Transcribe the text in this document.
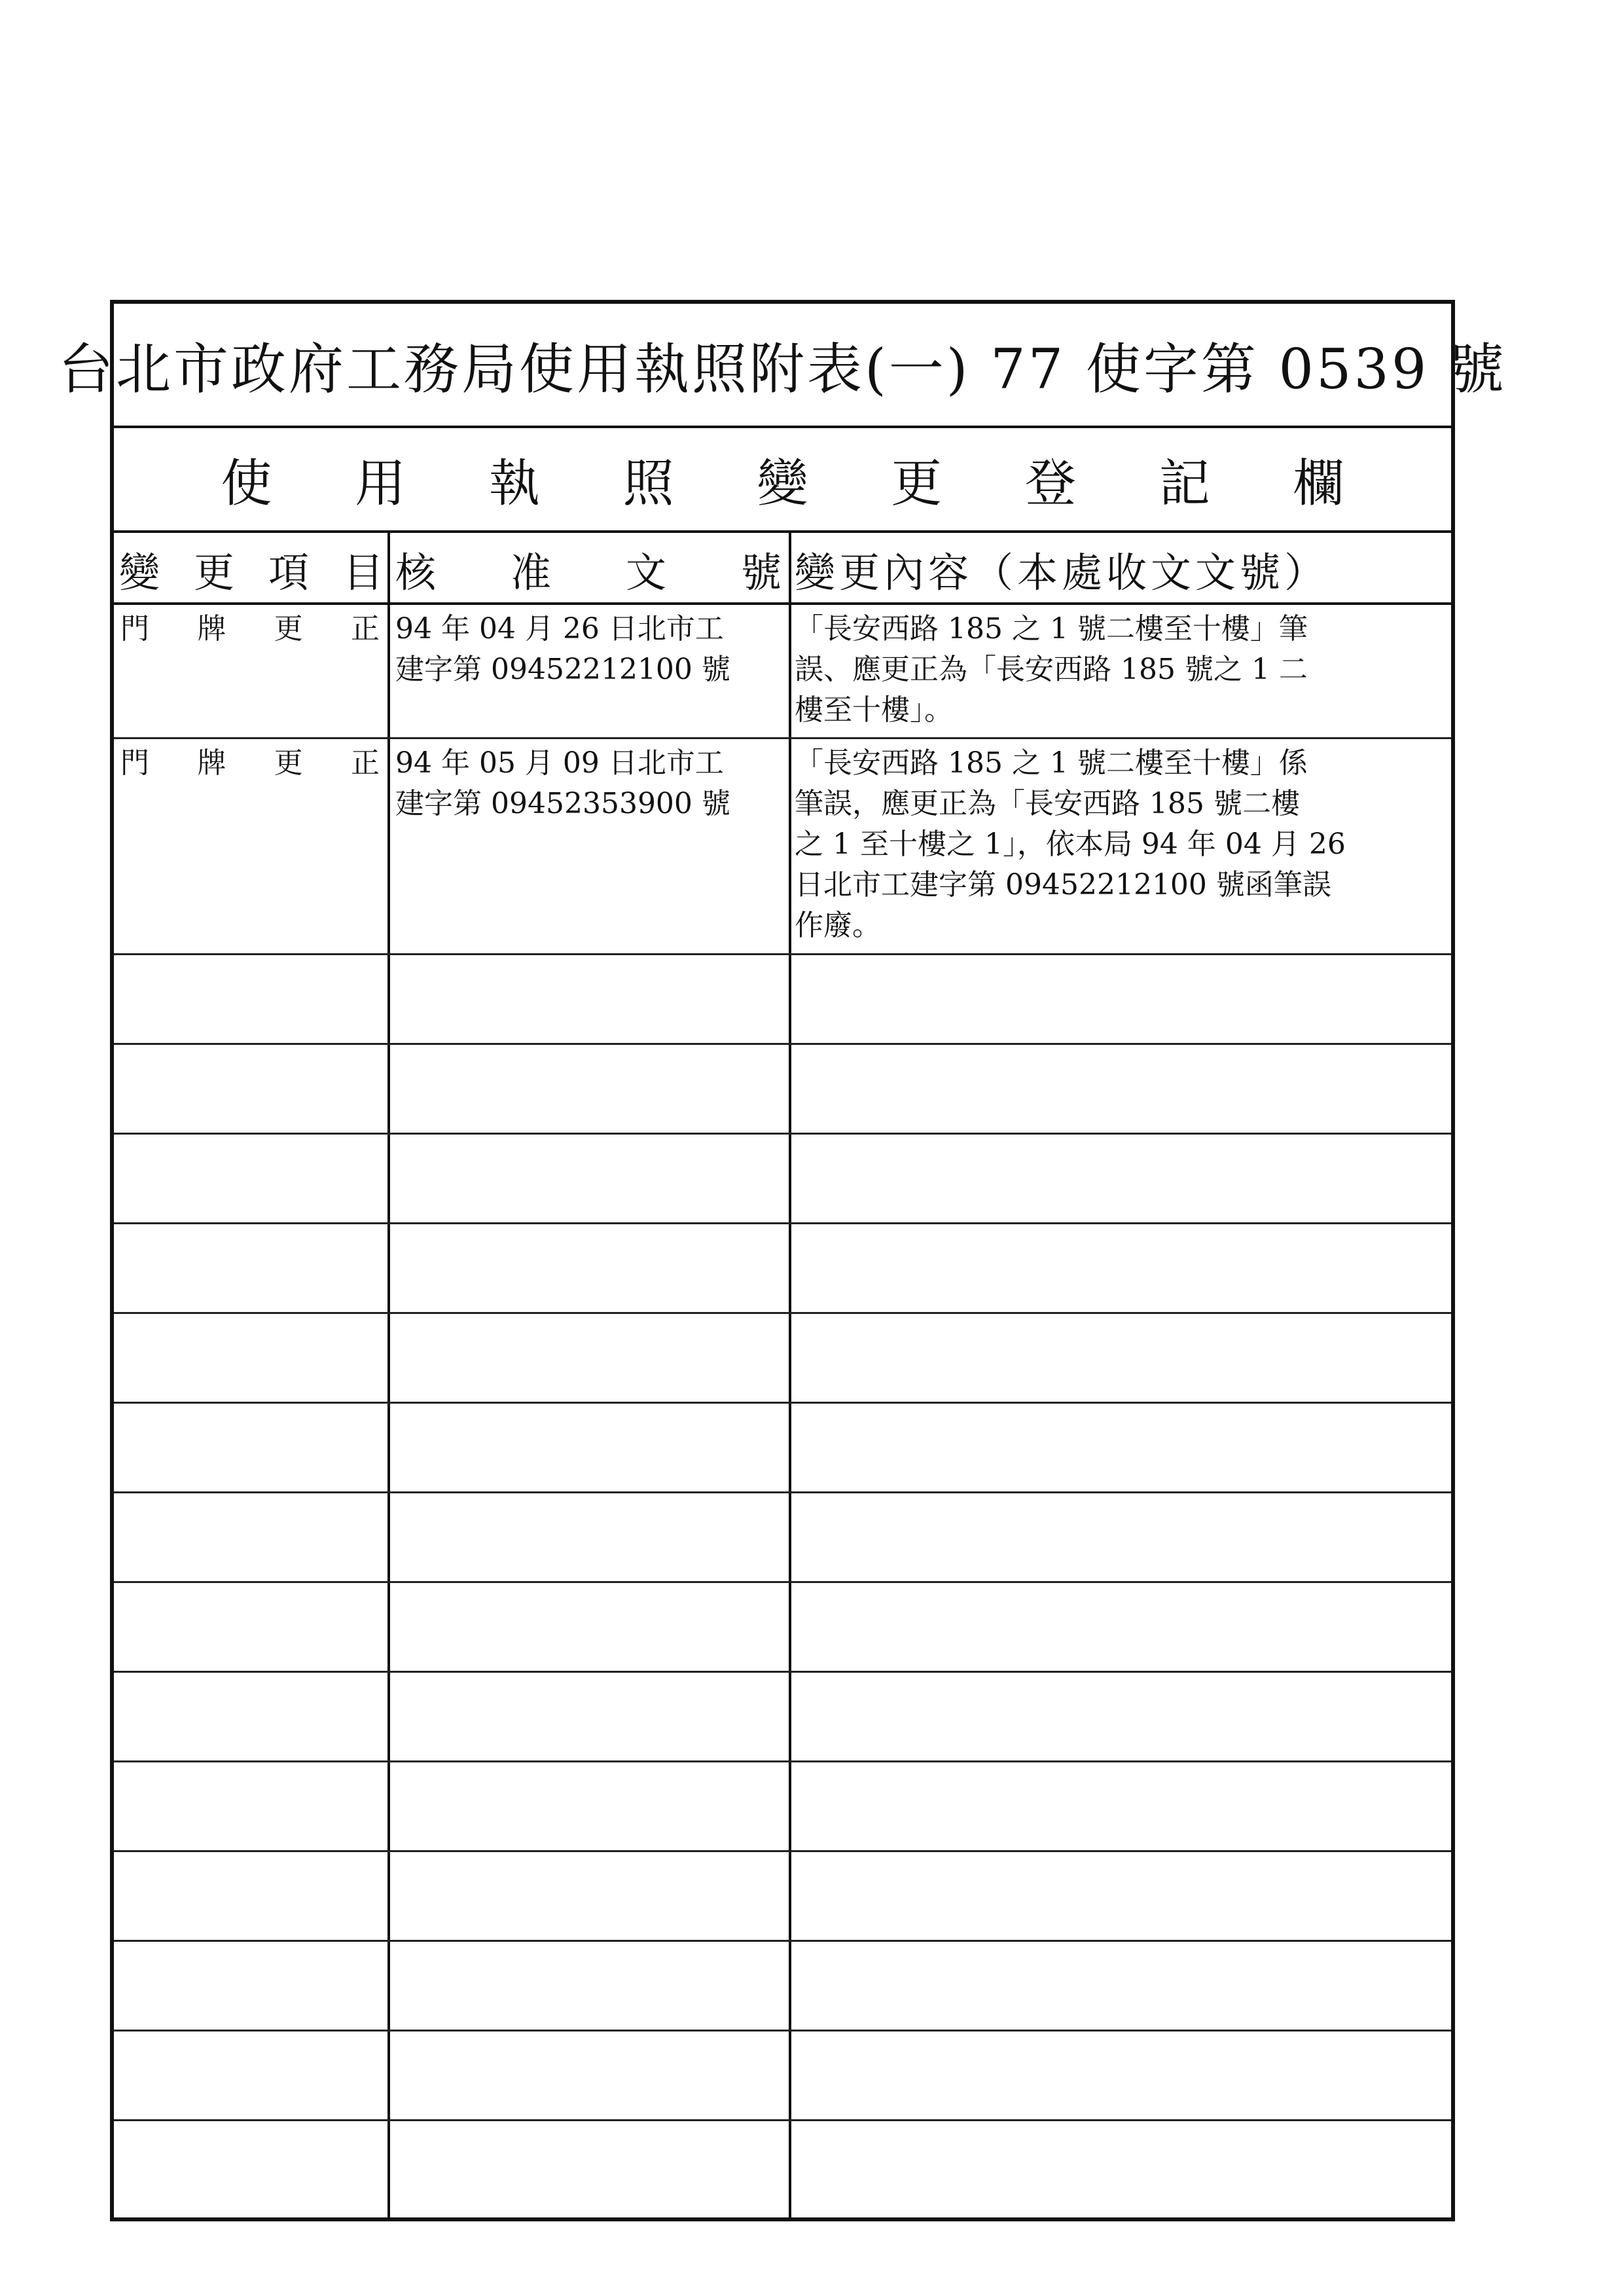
台北市政府工務局使用執照附表(一) 77 使字第 0539 號
使 用 執 照 變 更 登 記 欄
變 更 項 目 核 准 文 號 變更內容（本處收文文號）
門 牌 更 正 94 年 04 月 26 日北市工
建字第 09452212100 號
「長安西路 185 之 1 號二樓至十樓」筆
誤、應更正為「長安西路 185 號之 1 二
樓至十樓」。
門 牌 更 正 94 年 05 月 09 日北市工
建字第 09452353900 號
「長安西路 185 之 1 號二樓至十樓」係
筆誤，應更正為「長安西路 185 號二樓
之 1 至十樓之 1」，依本局 94 年 04 月 26
日北市工建字第 09452212100 號函筆誤
作廢。
